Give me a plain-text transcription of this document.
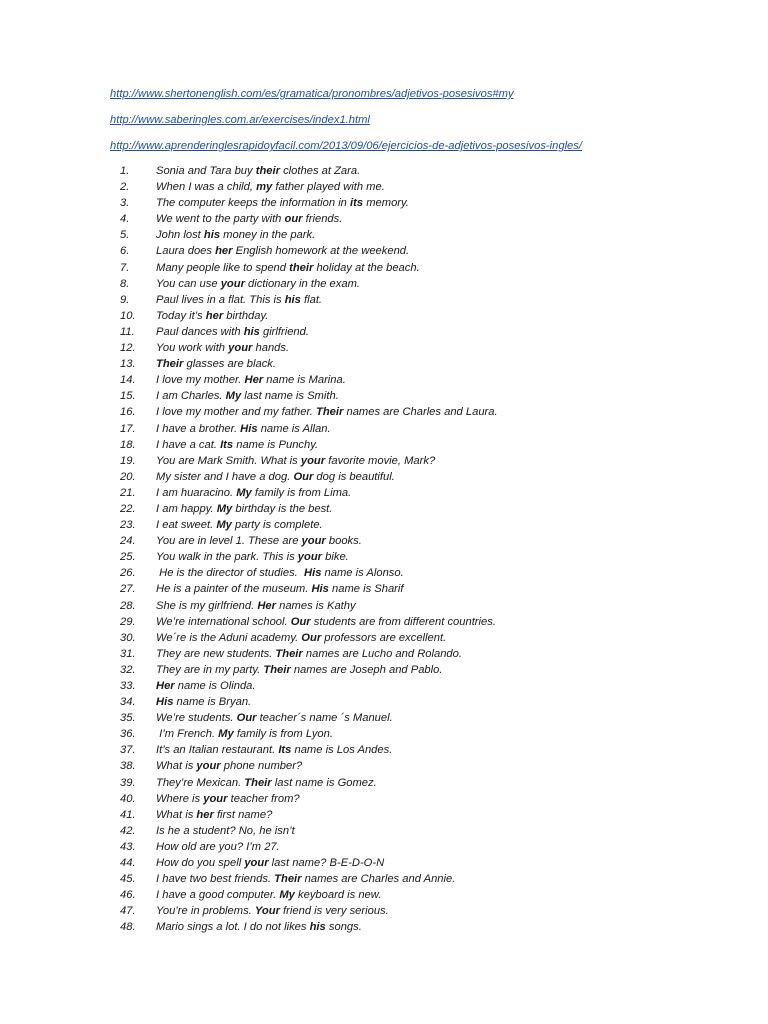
http://www.shertonenglish.com/es/gramatica/pronombres/adjetivos-posesivos#my
http://www.saberingles.com.ar/exercises/index1.html
http://www.aprenderinglesrapidoyfacil.com/2013/09/06/ejercicios-de-adjetivos-posesivos-ingles/
1.	Sonia and Tara buy their clothes at Zara.
2.	When I was a child, my father played with me.
3.	The computer keeps the information in its memory.
4.	We went to the party with our friends.
5.	John lost his money in the park.
6.	Laura does her English homework at the weekend.
7.	Many people like to spend their holiday at the beach.
8.	You can use your dictionary in the exam.
9.	Paul lives in a flat. This is his flat.
10.	Today it’s her birthday.
11.	Paul dances with his girlfriend.
12.	You work with your hands.
13.	Their glasses are black.
14.	I love my mother. Her name is Marina.
15.	I am Charles. My last name is Smith.
16.	I love my mother and my father. Their names are Charles and Laura.
17.	I have a brother. His name is Allan.
18.	I have a cat. Its name is Punchy.
19.	You are Mark Smith. What is your favorite movie, Mark?
20.	My sister and I have a dog. Our dog is beautiful.
21.	I am huaracino. My family is from Lima.
22.	I am happy. My birthday is the best.
23.	I eat sweet. My party is complete.
24.	You are in level 1. These are your books.
25.	You walk in the park. This is your bike.
26.	He is the director of studies.  His name is Alonso.
27.	He is a painter of the museum. His name is Sharif
28.	She is my girlfriend. Her names is Kathy
29.	We’re international school. Our students are from different countries.
30.	We´re is the Aduni academy. Our professors are excellent.
31.	They are new students. Their names are Lucho and Rolando.
32.	They are in my party. Their names are Joseph and Pablo.
33.	Her name is Olinda.
34.	His name is Bryan.
35.	We’re students. Our teacher´s name ´s Manuel.
36.	I’m French. My family is from Lyon.
37.	It’s an Italian restaurant. Its name is Los Andes.
38.	What is your phone number?
39.	They’re Mexican. Their last name is Gomez.
40.	Where is your teacher from?
41.	What is her first name?
42.	Is he a student? No, he isn’t
43.	How old are you? I’m 27.
44.	How do you spell your last name? B-E-D-O-N
45.	I have two best friends. Their names are Charles and Annie.
46.	I have a good computer. My keyboard is new.
47.	You’re in problems. Your friend is very serious.
48.	Mario sings a lot. I do not likes his songs.
